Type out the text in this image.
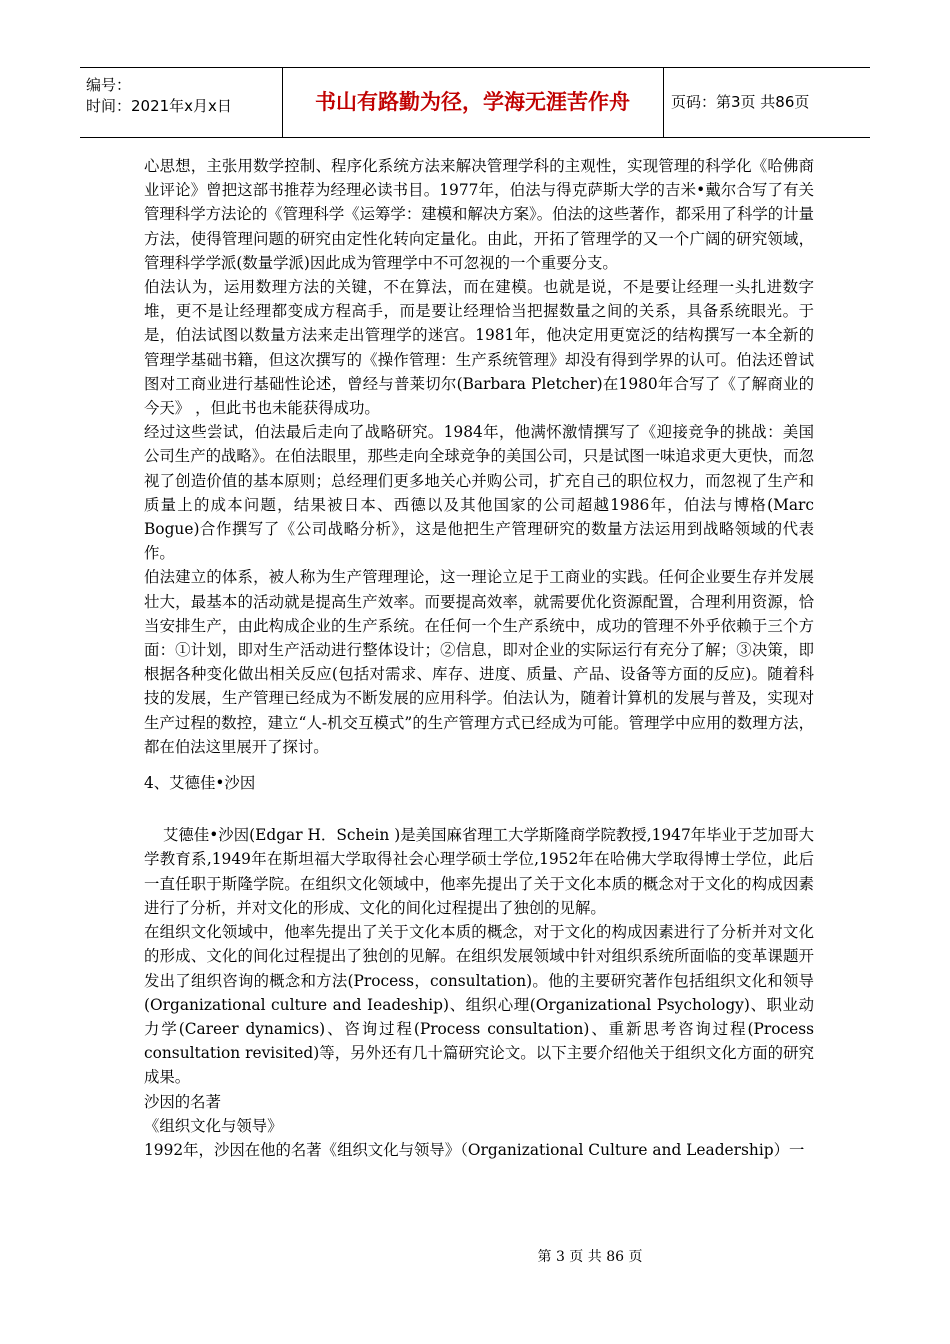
编号：
时间：2021年x月x日	书山有路勤为径，学海无涯苦作舟	页码：第3页 共86页

心思想，主张用数学控制、程序化系统方法来解决管理学科的主观性，实现管理的科学化《哈佛商业评论》曾把这部书推荐为经理必读书目。1977年，伯法与得克萨斯大学的吉米•戴尔合写了有关管理科学方法论的《管理科学《运筹学：建模和解决方案》。伯法的这些著作，都采用了科学的计量方法，使得管理问题的研究由定性化转向定量化。由此，开拓了管理学的又一个广阔的研究领域，管理科学学派(数量学派)因此成为管理学中不可忽视的一个重要分支。

伯法认为，运用数理方法的关键，不在算法，而在建模。也就是说，不是要让经理一头扎进数字堆，更不是让经理都变成方程高手，而是要让经理恰当把握数量之间的关系，具备系统眼光。于是，伯法试图以数量方法来走出管理学的迷宫。1981年，他决定用更宽泛的结构撰写一本全新的管理学基础书籍，但这次撰写的《操作管理：生产系统管理》却没有得到学界的认可。伯法还曾试图对工商业进行基础性论述，曾经与普莱切尔(Barbara Pletcher)在1980年合写了《了解商业的今天》 ，但此书也未能获得成功。

经过这些尝试，伯法最后走向了战略研究。1984年，他满怀激情撰写了《迎接竞争的挑战：美国公司生产的战略》。在伯法眼里，那些走向全球竞争的美国公司，只是试图一味追求更大更快，而忽视了创造价值的基本原则；总经理们更多地关心并购公司，扩充自己的职位权力，而忽视了生产和质量上的成本问题，结果被日本、西德以及其他国家的公司超越1986年，伯法与博格(Marc Bogue)合作撰写了《公司战略分析》，这是他把生产管理研究的数量方法运用到战略领域的代表作。

伯法建立的体系，被人称为生产管理理论，这一理论立足于工商业的实践。任何企业要生存并发展壮大，最基本的活动就是提高生产效率。而要提高效率，就需要优化资源配置，合理利用资源，恰当安排生产，由此构成企业的生产系统。在任何一个生产系统中，成功的管理不外乎依赖于三个方面：①计划，即对生产活动进行整体设计；②信息，即对企业的实际运行有充分了解；③决策，即根据各种变化做出相关反应(包括对需求、库存、进度、质量、产品、设备等方面的反应)。随着科技的发展，生产管理已经成为不断发展的应用科学。伯法认为，随着计算机的发展与普及，实现对生产过程的数控，建立“人-机交互模式”的生产管理方式已经成为可能。管理学中应用的数理方法，都在伯法这里展开了探讨。

4、艾德佳•沙因

艾德佳•沙因(Edgar H．Schein )是美国麻省理工大学斯隆商学院教授,1947年毕业于芝加哥大学教育系,1949年在斯坦福大学取得社会心理学硕士学位,1952年在哈佛大学取得博士学位，此后一直任职于斯隆学院。在组织文化领域中，他率先提出了关于文化本质的概念对于文化的构成因素进行了分析，并对文化的形成、文化的间化过程提出了独创的见解。

在组织文化领域中，他率先提出了关于文化本质的概念，对于文化的构成因素进行了分析并对文化的形成、文化的间化过程提出了独创的见解。在组织发展领域中针对组织系统所面临的变革课题开发出了组织咨询的概念和方法(Process，consultation)。他的主要研究著作包括组织文化和领导(Organizational culture and Ieadeship)、组织心理(Organizational Psychology)、职业动力学(Career dynamics)、咨询过程(Process consultation)、重新思考咨询过程(Process consultation revisited)等，另外还有几十篇研究论文。以下主要介绍他关于组织文化方面的研究成果。

沙因的名著

《组织文化与领导》

1992年，沙因在他的名著《组织文化与领导》（Organizational Culture and Leadership）一

第 3 页 共 86 页
